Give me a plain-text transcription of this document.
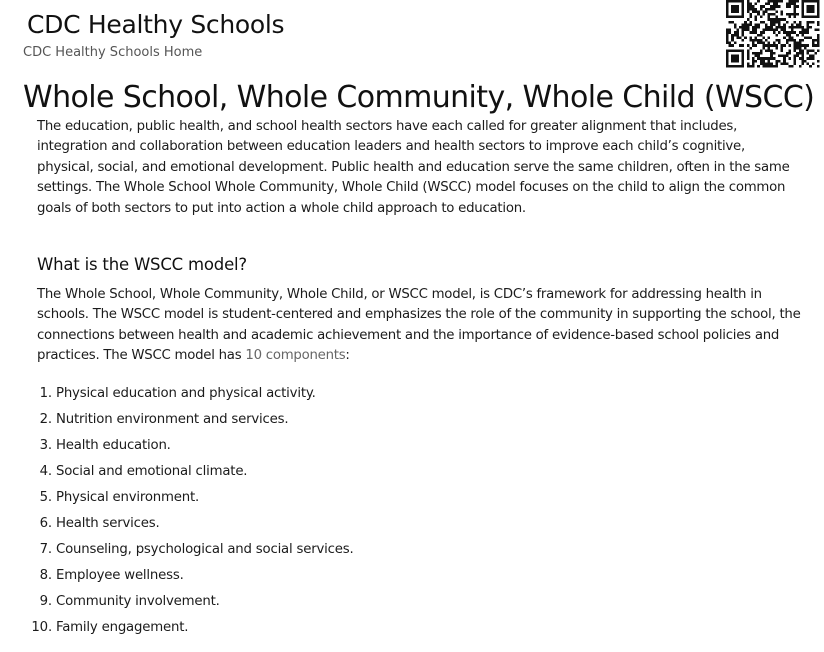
CDC Healthy Schools
CDC Healthy Schools Home
Whole School, Whole Community, Whole Child (WSCC)

The education, public health, and school health sectors have each called for greater alignment that includes, integration and collaboration between education leaders and health sectors to improve each child’s cognitive, physical, social, and emotional development. Public health and education serve the same children, often in the same settings. The Whole School Whole Community, Whole Child (WSCC) model focuses on the child to align the common goals of both sectors to put into action a whole child approach to education.

What is the WSCC model?

The Whole School, Whole Community, Whole Child, or WSCC model, is CDC’s framework for addressing health in schools. The WSCC model is student-centered and emphasizes the role of the community in supporting the school, the connections between health and academic achievement and the importance of evidence-based school policies and practices. The WSCC model has 10 components:

1. Physical education and physical activity.
2. Nutrition environment and services.
3. Health education.
4. Social and emotional climate.
5. Physical environment.
6. Health services.
7. Counseling, psychological and social services.
8. Employee wellness.
9. Community involvement.
10. Family engagement.
